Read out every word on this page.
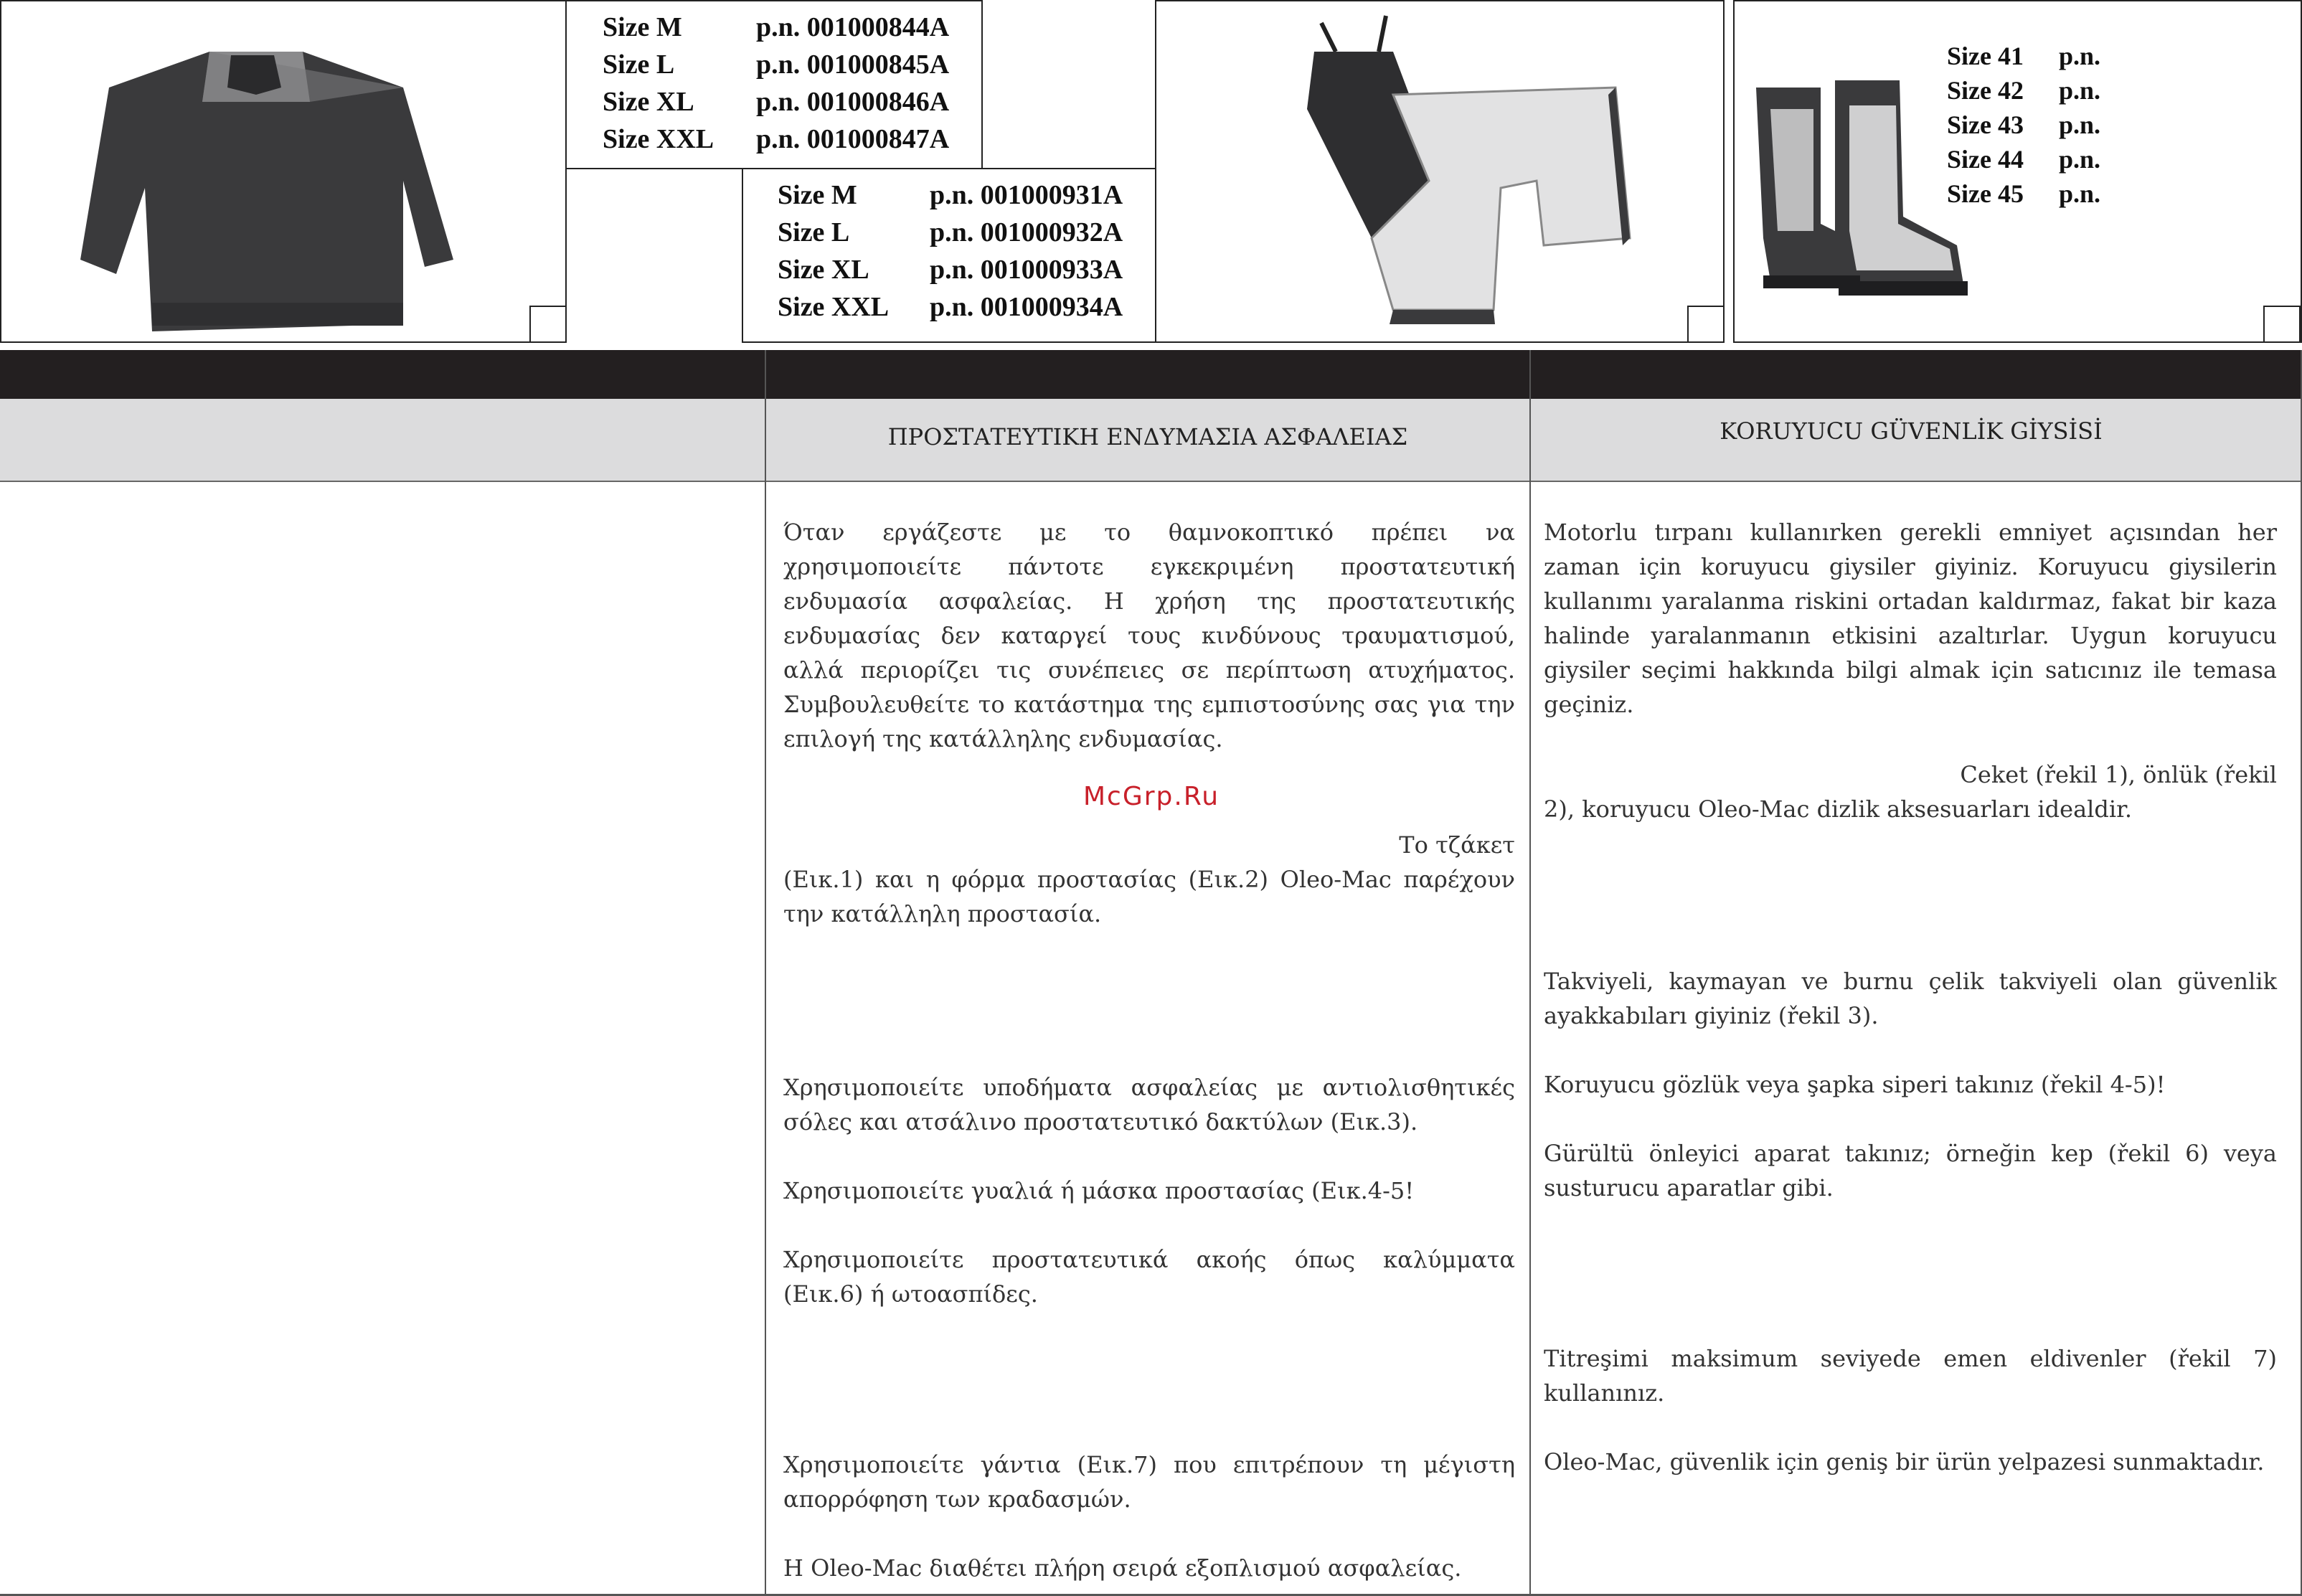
Size M	p.n. 001000844A
Size L	p.n. 001000845A
Size XL	p.n. 001000846A
Size XXL	p.n. 001000847A
Size M	p.n. 001000931A
Size L	p.n. 001000932A
Size XL	p.n. 001000933A
Size XXL	p.n. 001000934A
Size 41	p.n.
Size 42	p.n.
Size 43	p.n.
Size 44	p.n.
Size 45	p.n.
ΠΡΟΣΤΑΤΕΥΤΙΚΗ ΕΝΔΥΜΑΣΙΑ ΑΣΦΑΛΕΙΑΣ	KORUYUCU GÜVENLİK GİYSİSİ
Όταν εργάζεστε με το θαμνοκοπτικό πρέπει να χρησιμοποιείτε πάντοτε εγκεκριμένη προστατευτική ενδυμασία ασφαλείας. Η χρήση της προστατευτικής ενδυμασίας δεν καταργεί τους κινδύνους τραυματισμού, αλλά περιορίζει τις συνέπειες σε περίπτωση ατυχήματος. Συμβουλευθείτε το κατάστημα της εμπιστοσύνης σας για την επιλογή της κατάλληλης ενδυμασίας.
McGrp.Ru
Το τζάκετ
(Εικ.1) και η φόρμα προστασίας (Εικ.2) Oleo-Mac παρέχουν την κατάλληλη προστασία.
Χρησιμοποιείτε υποδήματα ασφαλείας με αντιολισθητικές σόλες και ατσάλινο προστατευτικό δακτύλων (Εικ.3).
Χρησιμοποιείτε γυαλιά ή μάσκα προστασίας (Εικ.4-5!
Χρησιμοποιείτε προστατευτικά ακοής όπως καλύμματα (Εικ.6) ή ωτοασπίδες.
Χρησιμοποιείτε γάντια (Εικ.7) που επιτρέπουν τη μέγιστη απορρόφηση των κραδασμών.
Η Oleo-Mac διαθέτει πλήρη σειρά εξοπλισμού ασφαλείας.
Motorlu tırpanı kullanırken gerekli emniyet açısından her zaman için koruyucu giysiler giyiniz. Koruyucu giysilerin kullanımı yaralanma riskini ortadan kaldırmaz, fakat bir kaza halinde yaralanmanın etkisini azaltırlar. Uygun koruyucu giysiler seçimi hakkında bilgi almak için satıcınız ile temasa geçiniz.
Ceket (řekil 1), önlük (řekil
2), koruyucu Oleo-Mac dizlik aksesuarları idealdir.
Takviyeli, kaymayan ve burnu çelik takviyeli olan güvenlik ayakkabıları giyiniz (řekil 3).
Koruyucu gözlük veya şapka siperi takınız (řekil 4-5)!
Gürültü önleyici aparat takınız; örneğin kep (řekil 6) veya susturucu aparatlar gibi.
Titreşimi maksimum seviyede emen eldivenler (řekil 7) kullanınız.
Oleo-Mac, güvenlik için geniş bir ürün yelpazesi sunmaktadır.
